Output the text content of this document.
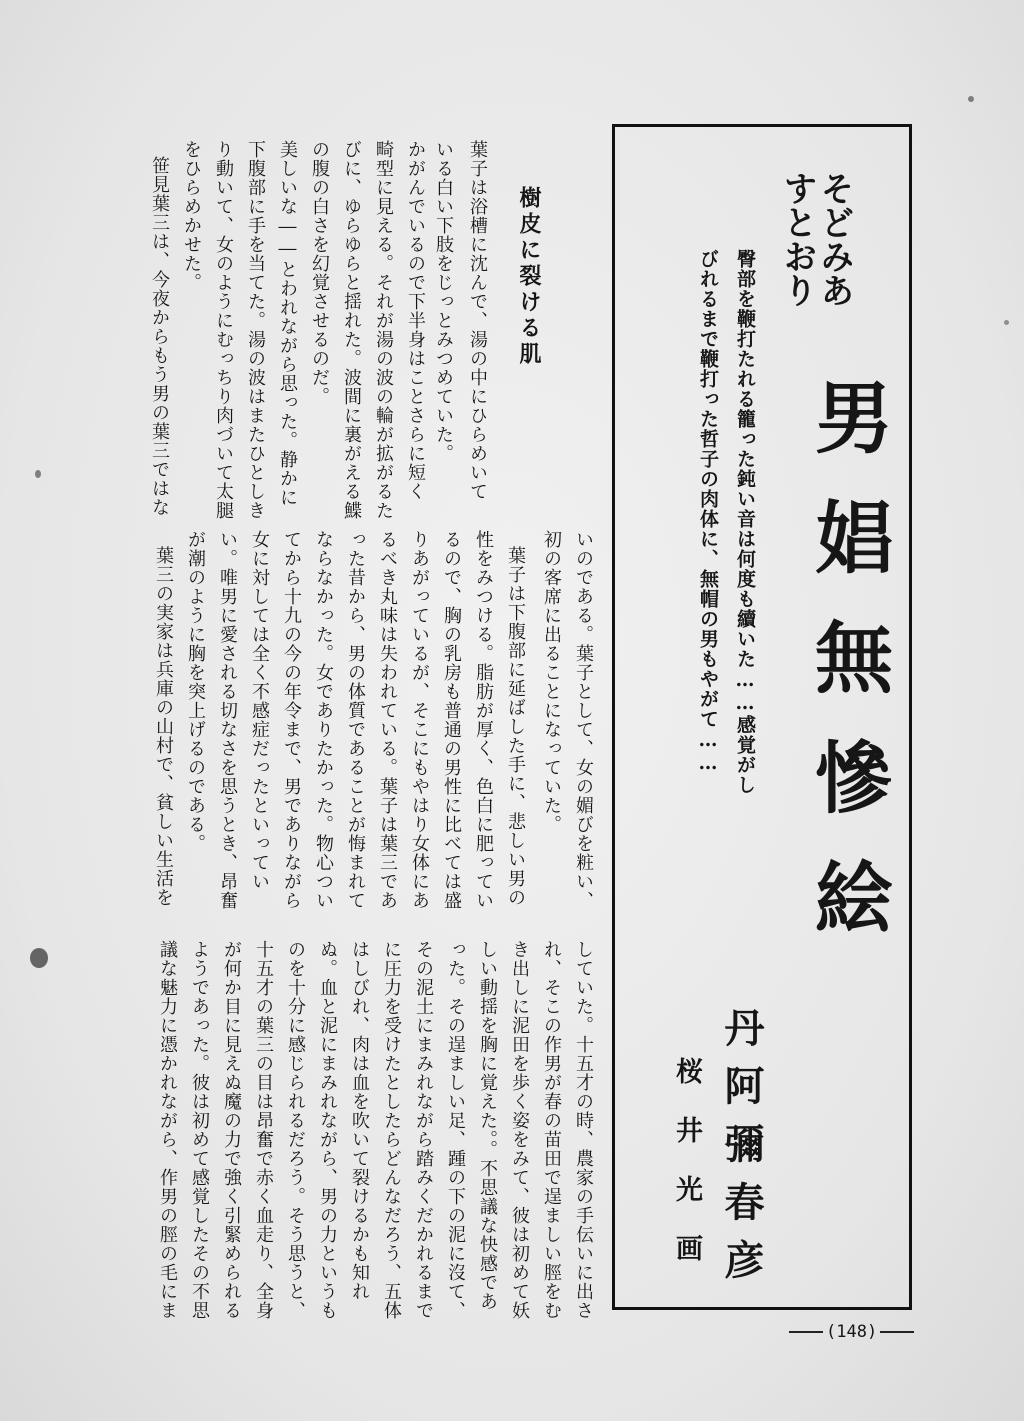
そどみあ
すとおり
臀部を鞭打たれる籠った鈍い音は何度も續いた……感覚がし
びれるまで鞭打った哲子の肉体に、無帽の男もやがて…… 男娼無慘絵
丹阿彌春彦
桜井光画
樹皮に裂ける肌
葉子は浴槽に沈んで、湯の中にひらめいて
いる白い下肢をじっとみつめていた。
かがんでいるので下半身はことさらに短く
畸型に見える。それが湯の波の輪が拡がるた
びに、ゆらゆらと揺れた。波間に裏がえる鰈
の腹の白さを幻覚させるのだ。
美しいな――とわれながら思った。静かに
下腹部に手を当てた。湯の波はまたひとしき
り動いて、女のようにむっちり肉づいて太腿
をひらめかせた。
笹見葉三は、今夜からもう男の葉三ではな
いのである。葉子として、女の媚びを粧い、
初の客席に出ることになっていた。
葉子は下腹部に延ばした手に、悲しい男の
性をみつける。脂肪が厚く、色白に肥ってい
るので、胸の乳房も普通の男性に比べては盛
りあがっているが、そこにもやはり女体にあ
るべき丸味は失われている。葉子は葉三であ
った昔から、男の体質であることが悔まれて
ならなかった。女でありたかった。物心つい
てから十九の今の年令まで、男でありながら
女に対しては全く不感症だったといってい
い。唯男に愛される切なさを思うとき、昂奮
が潮のように胸を突上げるのである。
葉三の実家は兵庫の山村で、貧しい生活を
していた。十五才の時、農家の手伝いに出さ
れ、そこの作男が春の苗田で逞ましい脛をむ
き出しに泥田を歩く姿をみて、彼は初めて妖
しい動揺を胸に覚えた。。不思議な快感であ
った。その逞ましい足、踵の下の泥に沒て、
その泥土にまみれながら踏みくだかれるまで
に圧力を受けたとしたらどんなだろう、五体
はしびれ、肉は血を吹いて裂けるかも知れ
ぬ。血と泥にまみれながら、男の力というも
のを十分に感じられるだろう。そう思うと、
十五才の葉三の目は昂奮で赤く血走り、全身
が何か目に見えぬ魔の力で強く引緊められる
ようであった。彼は初めて感覚したその不思
議な魅力に憑かれながら、作男の脛の毛にま
(148)
